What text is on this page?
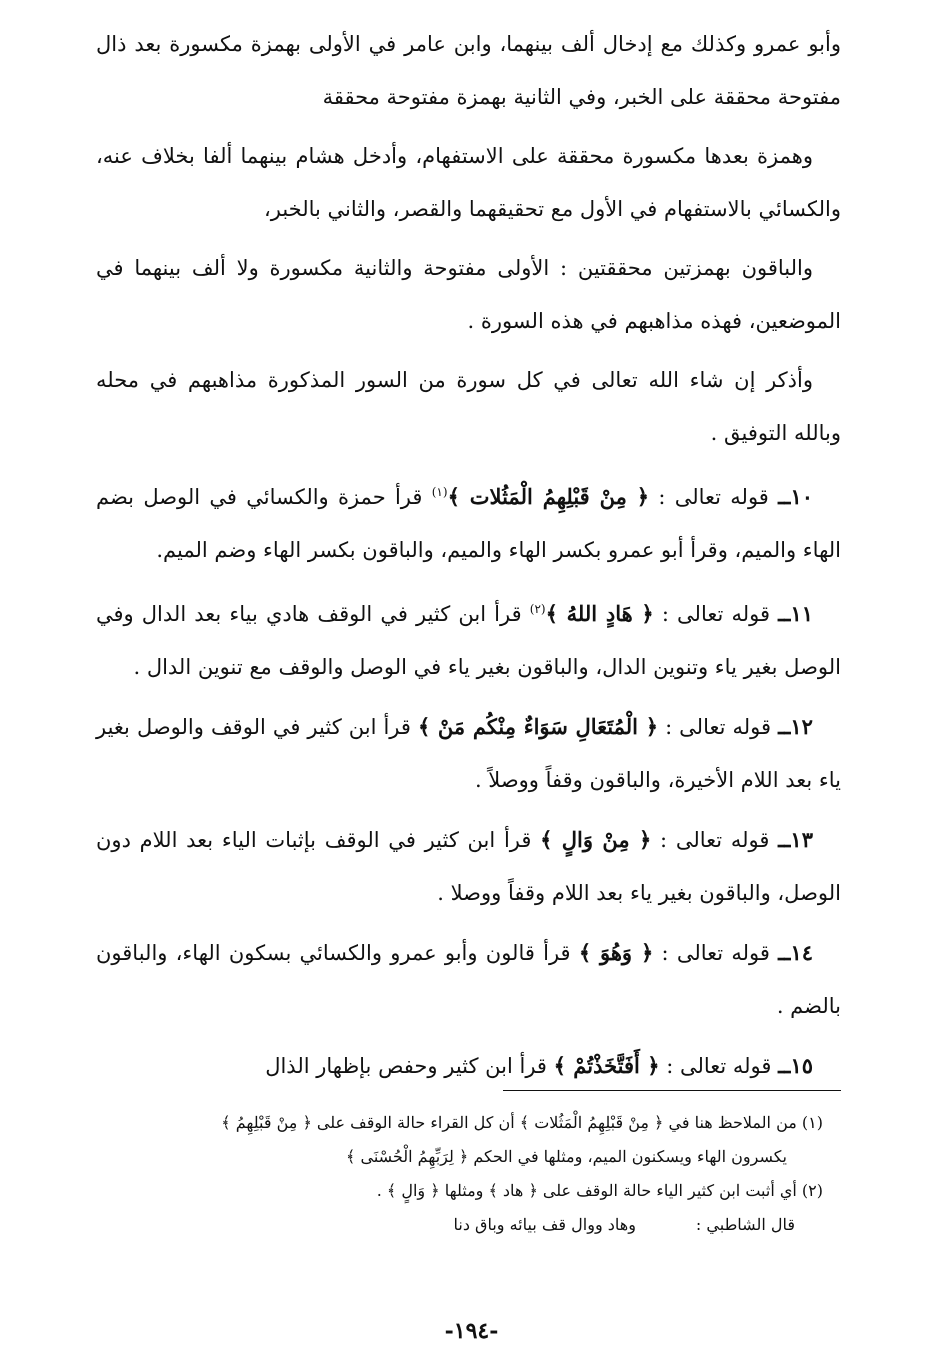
وأبو عمرو وكذلك مع إدخال ألف بينهما، وابن عامر في الأولى بهمزة مكسورة بعد ذال مفتوحة محققة على الخبر، وفي الثانية بهمزة مفتوحة محققة

وهمزة بعدها مكسورة محققة على الاستفهام، وأدخل هشام بينهما ألفا بخلاف عنه، والكسائي بالاستفهام في الأول مع تحقيقهما والقصر، والثاني بالخبر،

والباقون بهمزتين محققتين : الأولى مفتوحة والثانية مكسورة ولا ألف بينهما في الموضعين، فهذه مذاهبهم في هذه السورة .

وأذكر إن شاء الله تعالى في كل سورة من السور المذكورة مذاهبهم في محله وبالله التوفيق .

١٠ــ قوله تعالى : ﴿ مِنْ قَبْلِهِمُ الْمَثُلات ﴾$^{(١)}$ قرأ حمزة والكسائي في الوصل بضم الهاء والميم، وقرأ أبو عمرو بكسر الهاء والميم، والباقون بكسر الهاء وضم الميم.

١١ــ قوله تعالى : ﴿ هَادٍ اللهُ ﴾$^{(٢)}$ قرأ ابن كثير في الوقف هادي بياء بعد الدال وفي الوصل بغير ياء وتنوين الدال، والباقون بغير ياء في الوصل والوقف مع تنوين الدال .

١٢ــ قوله تعالى : ﴿ الْمُتَعَالِ سَوَاءٌ مِنْكُم مَنْ ﴾ قرأ ابن كثير في الوقف والوصل بغير ياء بعد اللام الأخيرة، والباقون وقفاً ووصلاً .

١٣ــ قوله تعالى : ﴿ مِنْ وَالٍ ﴾ قرأ ابن كثير في الوقف بإثبات الياء بعد اللام دون الوصل، والباقون بغير ياء بعد اللام وقفاً ووصلا .

١٤ــ قوله تعالى : ﴿ وَهُوَ ﴾ قرأ قالون وأبو عمرو والكسائي بسكون الهاء، والباقون بالضم .

١٥ــ قوله تعالى : ﴿ أَفَتَّخَذْتُمْ ﴾ قرأ ابن كثير وحفص بإظهار الذال

(١) من الملاحظ هنا في ﴿ مِنْ قَبْلِهِمُ الْمَثُلات ﴾ أن كل القراء حالة الوقف على ﴿ مِنْ قَبْلِهِمُ ﴾

يكسرون الهاء ويسكنون الميم، ومثلها في الحكم ﴿ لِرَبِّهِمُ الْحُسْنَى ﴾

(٢) أي أثبت ابن كثير الياء حالة الوقف على ﴿ هاد ﴾ ومثلها ﴿ وَالٍ ﴾ .

قال الشاطبي :
وهاد ووال قف بيائه وباق دنا
-١٩٤-
